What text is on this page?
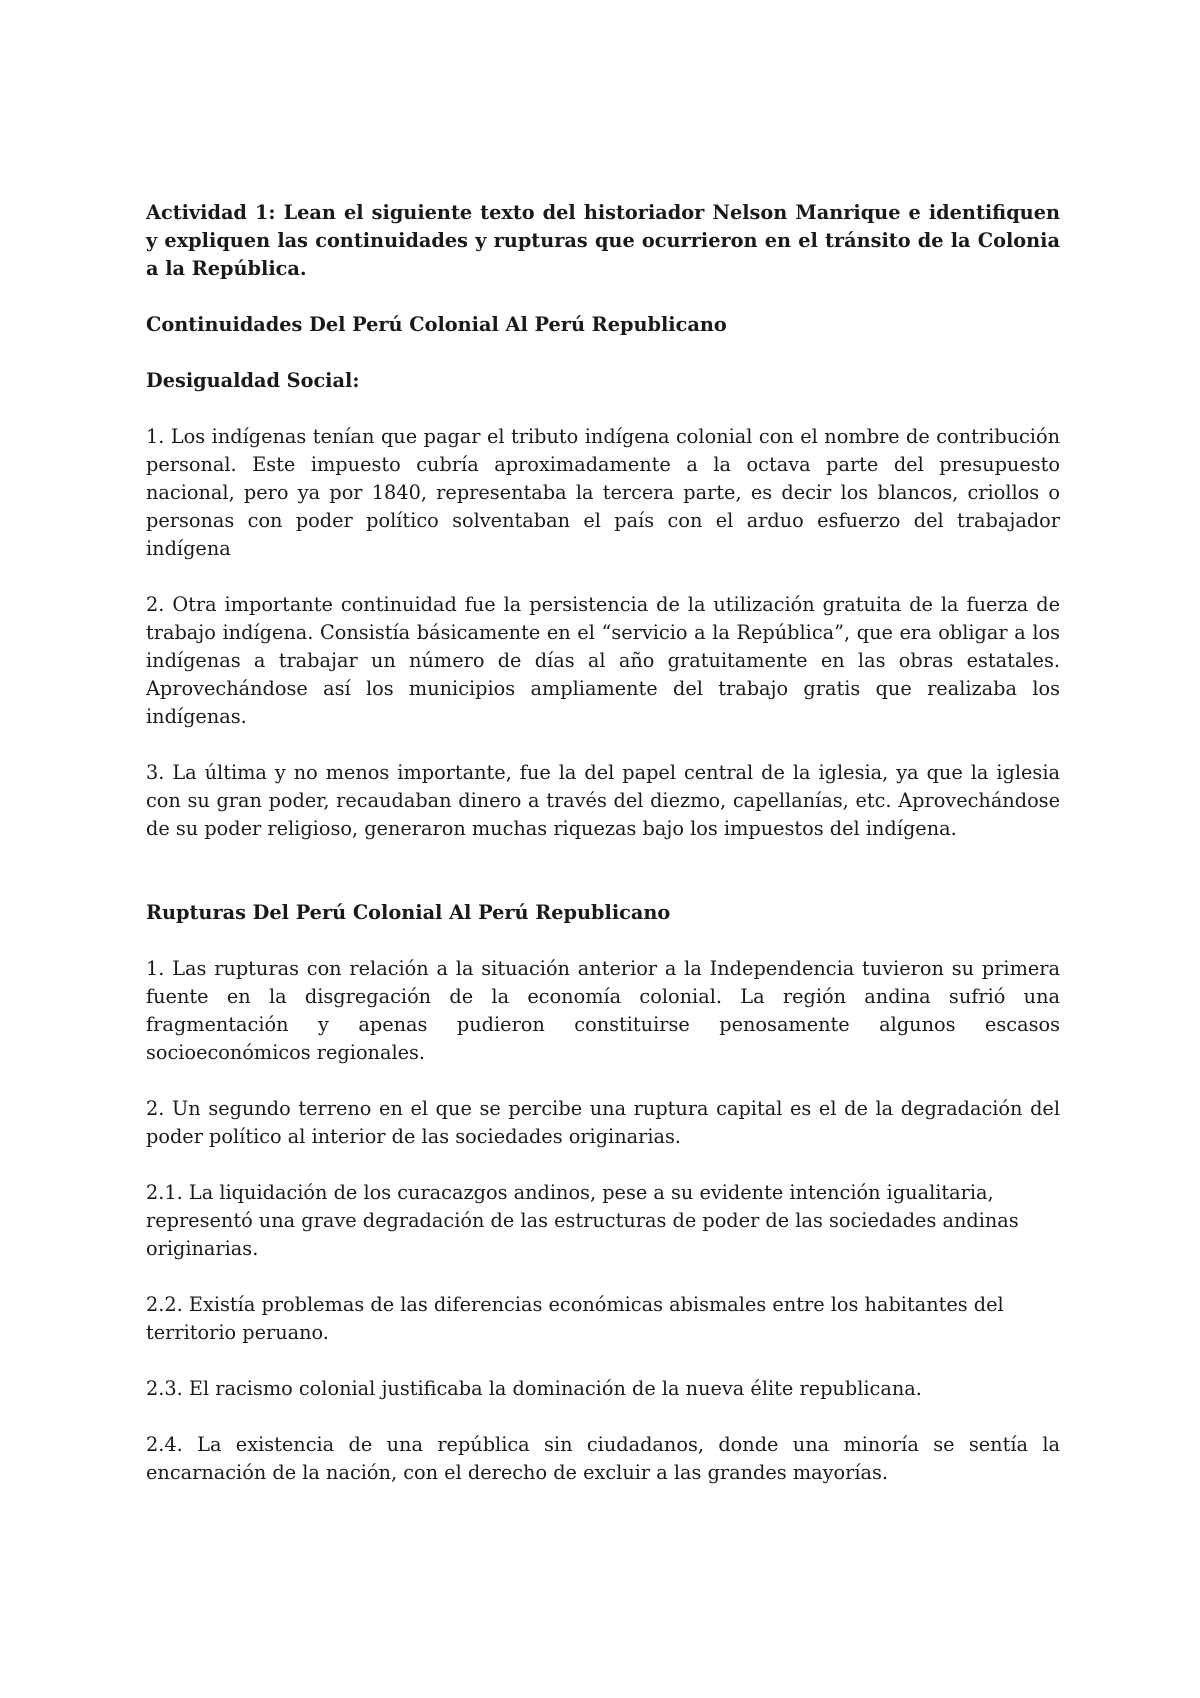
Actividad 1: Lean el siguiente texto del historiador Nelson Manrique e identifiquen y expliquen las continuidades y rupturas que ocurrieron en el tránsito de la Colonia a la República.

Continuidades Del Perú Colonial Al Perú Republicano

Desigualdad Social:

1. Los indígenas tenían que pagar el tributo indígena colonial con el nombre de contribución personal. Este impuesto cubría aproximadamente a la octava parte del presupuesto nacional, pero ya por 1840, representaba la tercera parte, es decir los blancos, criollos o personas con poder político solventaban el país con el arduo esfuerzo del trabajador indígena

2. Otra importante continuidad fue la persistencia de la utilización gratuita de la fuerza de trabajo indígena. Consistía básicamente en el “servicio a la República”, que era obligar a los indígenas a trabajar un número de días al año gratuitamente en las obras estatales. Aprovechándose así los municipios ampliamente del trabajo gratis que realizaba los indígenas.

3. La última y no menos importante, fue la del papel central de la iglesia, ya que la iglesia con su gran poder, recaudaban dinero a través del diezmo, capellanías, etc. Aprovechándose de su poder religioso, generaron muchas riquezas bajo los impuestos del indígena.

Rupturas Del Perú Colonial Al Perú Republicano

1. Las rupturas con relación a la situación anterior a la Independencia tuvieron su primera fuente en la disgregación de la economía colonial. La región andina sufrió una fragmentación y apenas pudieron constituirse penosamente algunos escasos socioeconómicos regionales.

2. Un segundo terreno en el que se percibe una ruptura capital es el de la degradación del poder político al interior de las sociedades originarias.

2.1. La liquidación de los curacazgos andinos, pese a su evidente intención igualitaria, representó una grave degradación de las estructuras de poder de las sociedades andinas originarias.

2.2. Existía problemas de las diferencias económicas abismales entre los habitantes del territorio peruano.

2.3. El racismo colonial justificaba la dominación de la nueva élite republicana.

2.4. La existencia de una república sin ciudadanos, donde una minoría se sentía la encarnación de la nación, con el derecho de excluir a las grandes mayorías.
